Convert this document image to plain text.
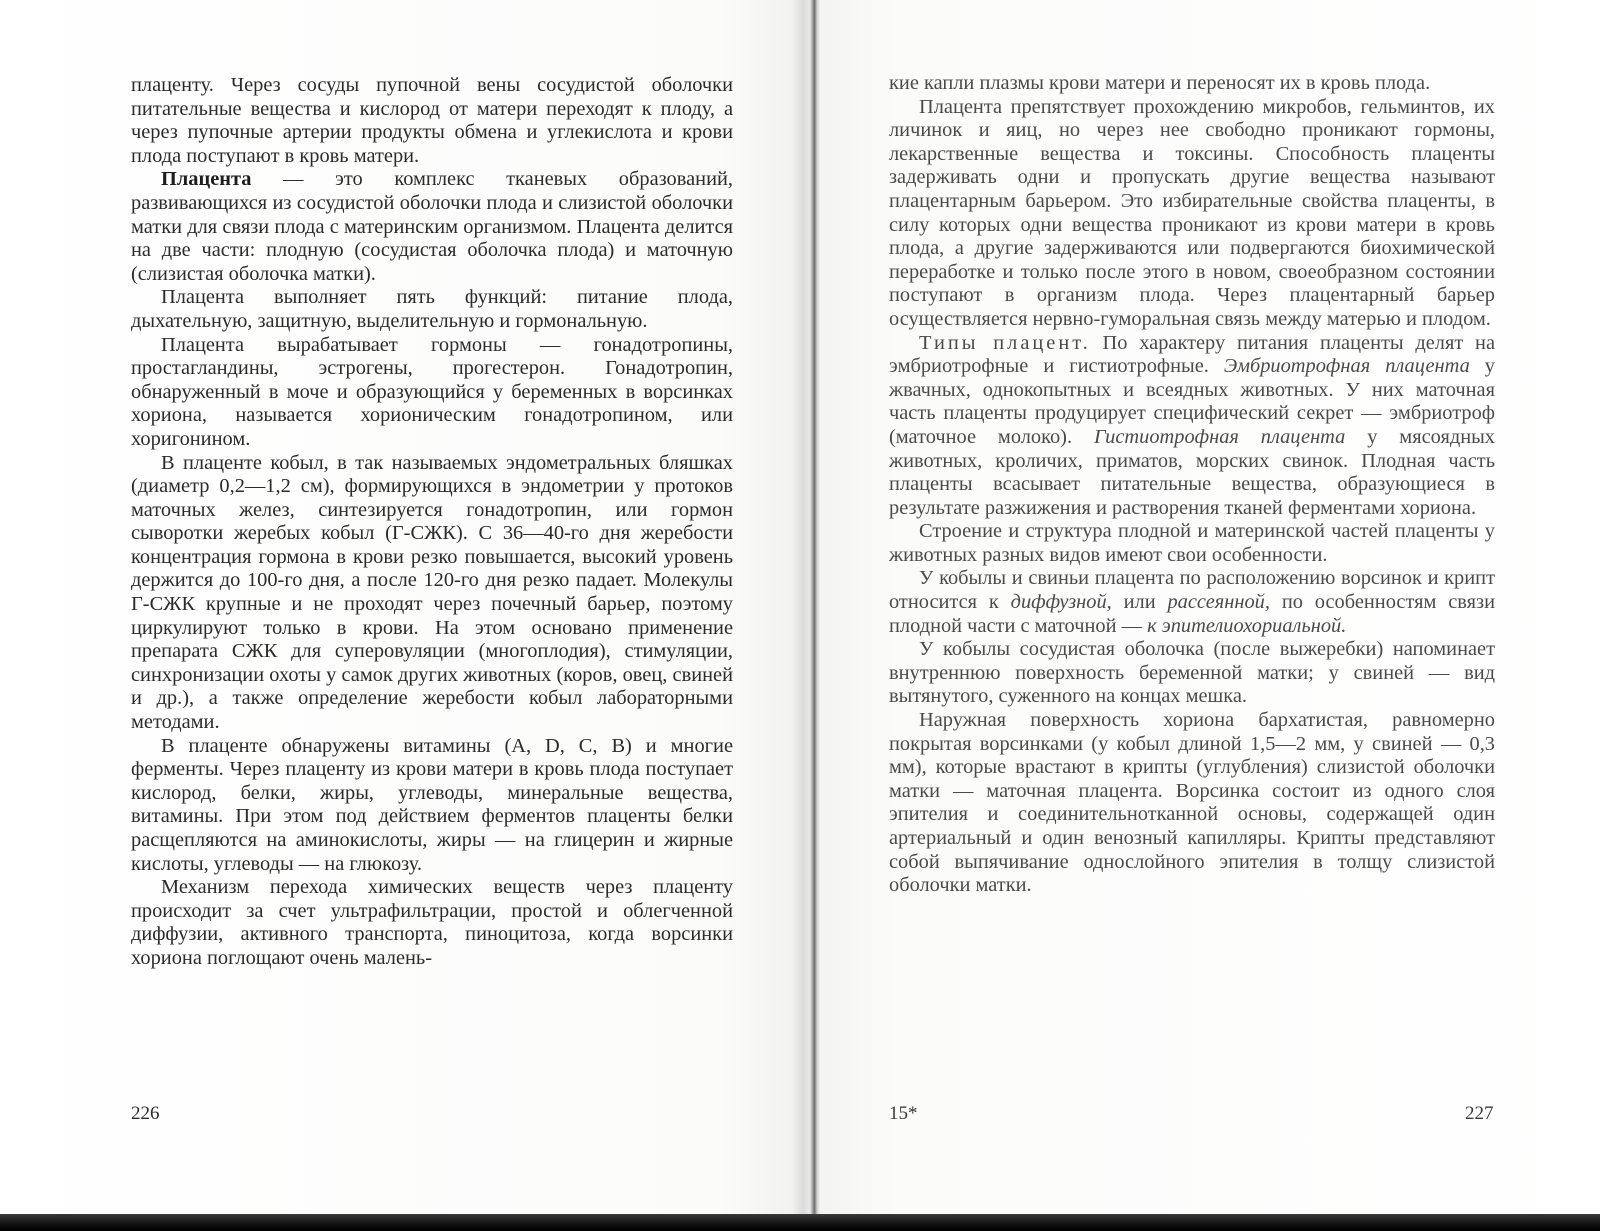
плаценту. Через сосуды пупочной вены сосудистой оболочки питательные вещества и кислород от матери переходят к плоду, а через пупочные артерии продукты обмена и углекислота и крови плода поступают в кровь матери.

Плацента — это комплекс тканевых образований, развивающихся из сосудистой оболочки плода и слизистой оболочки матки для связи плода с материнским организмом. Плацента делится на две части: плодную (сосудистая оболочка плода) и маточную (слизистая оболочка матки).

Плацента выполняет пять функций: питание плода, дыхательную, защитную, выделительную и гормональную.

Плацента вырабатывает гормоны — гонадотропины, простагландины, эстрогены, прогестерон. Гонадотропин, обнаруженный в моче и образующийся у беременных в ворсинках хориона, называется хорионическим гонадотропином, или хоригонином.

В плаценте кобыл, в так называемых эндометральных бляшках (диаметр 0,2—1,2 см), формирующихся в эндометрии у протоков маточных желез, синтезируется гонадотропин, или гормон сыворотки жеребых кобыл (Г-СЖК). С 36—40-го дня жеребости концентрация гормона в крови резко повышается, высокий уровень держится до 100-го дня, а после 120-го дня резко падает. Молекулы Г-СЖК крупные и не проходят через почечный барьер, поэтому циркулируют только в крови. На этом основано применение препарата СЖК для суперовуляции (многоплодия), стимуляции, синхронизации охоты у самок других животных (коров, овец, свиней и др.), а также определение жеребости кобыл лабораторными методами.

В плаценте обнаружены витамины (А, D, С, В) и многие ферменты. Через плаценту из крови матери в кровь плода поступает кислород, белки, жиры, углеводы, минеральные вещества, витамины. При этом под действием ферментов плаценты белки расщепляются на аминокислоты, жиры — на глицерин и жирные кислоты, углеводы — на глюкозу.

Механизм перехода химических веществ через плаценту происходит за счет ультрафильтрации, простой и облегченной диффузии, активного транспорта, пиноцитоза, когда ворсинки хориона поглощают очень малень-

кие капли плазмы крови матери и переносят их в кровь плода.

Плацента препятствует прохождению микробов, гельминтов, их личинок и яиц, но через нее свободно проникают гормоны, лекарственные вещества и токсины. Способность плаценты задерживать одни и пропускать другие вещества называют плацентарным барьером. Это избирательные свойства плаценты, в силу которых одни вещества проникают из крови матери в кровь плода, а другие задерживаются или подвергаются биохимической переработке и только после этого в новом, своеобразном состоянии поступают в организм плода. Через плацентарный барьер осуществляется нервно-гуморальная связь между матерью и плодом.

Типы плацент. По характеру питания плаценты делят на эмбриотрофные и гистиотрофные. Эмбриотрофная плацента у жвачных, однокопытных и всеядных животных. У них маточная часть плаценты продуцирует специфический секрет — эмбриотроф (маточное молоко). Гистиотрофная плацента у мясоядных животных, кроличих, приматов, морских свинок. Плодная часть плаценты всасывает питательные вещества, образующиеся в результате разжижения и растворения тканей ферментами хориона.

Строение и структура плодной и материнской частей плаценты у животных разных видов имеют свои особенности.

У кобылы и свиньи плацента по расположению ворсинок и крипт относится к диффузной, или рассеянной, по особенностям связи плодной части с маточной — к эпителиохориальной.

У кобылы сосудистая оболочка (после выжеребки) напоминает внутреннюю поверхность беременной матки; у свиней — вид вытянутого, суженного на концах мешка.

Наружная поверхность хориона бархатистая, равномерно покрытая ворсинками (у кобыл длиной 1,5—2 мм, у свиней — 0,3 мм), которые врастают в крипты (углубления) слизистой оболочки матки — маточная плацента. Ворсинка состоит из одного слоя эпителия и соединительнотканной основы, содержащей один артериальный и один венозный капилляры. Крипты представляют собой выпячивание однослойного эпителия в толщу слизистой оболочки матки.

226	15*	227
